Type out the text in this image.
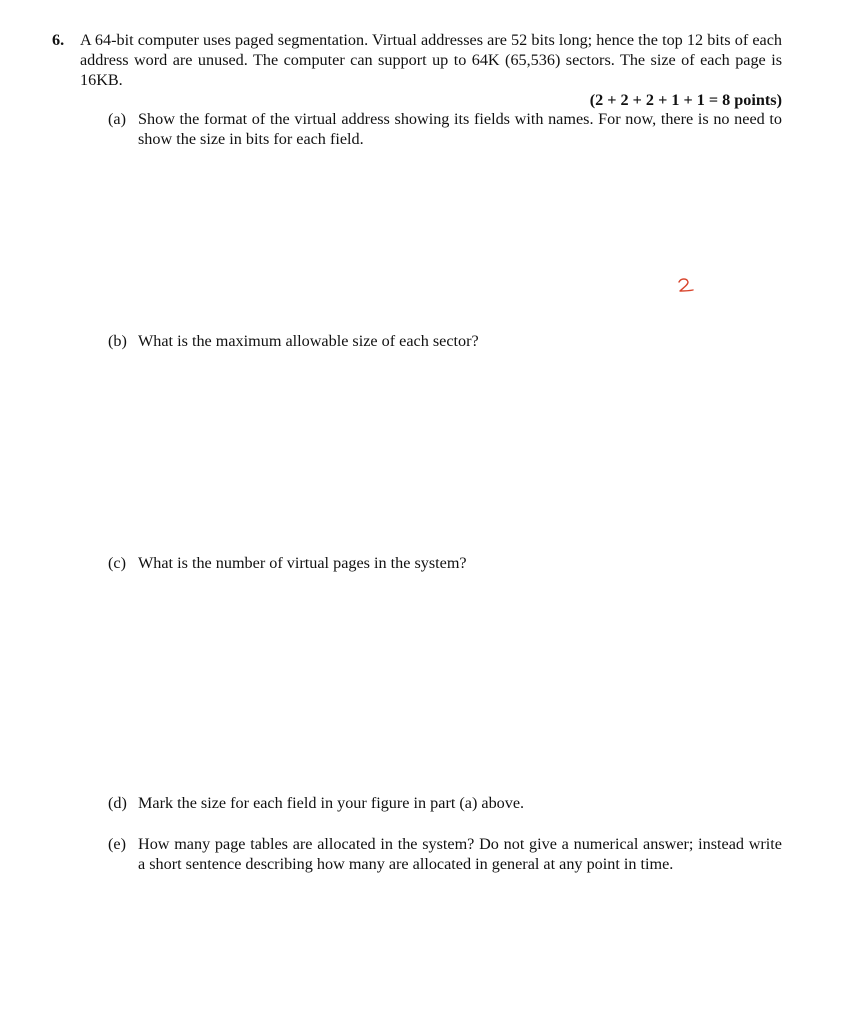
6. A 64-bit computer uses paged segmentation. Virtual addresses are 52 bits long; hence the top 12 bits of each address word are unused. The computer can support up to 64K (65,536) sectors. The size of each page is 16KB.
(2 + 2 + 2 + 1 + 1 = 8 points)
(a) Show the format of the virtual address showing its fields with names. For now, there is no need to show the size in bits for each field.
(b) What is the maximum allowable size of each sector?
(c) What is the number of virtual pages in the system?
(d) Mark the size for each field in your figure in part (a) above.
(e) How many page tables are allocated in the system? Do not give a numerical answer; instead write a short sentence describing how many are allocated in general at any point in time.
